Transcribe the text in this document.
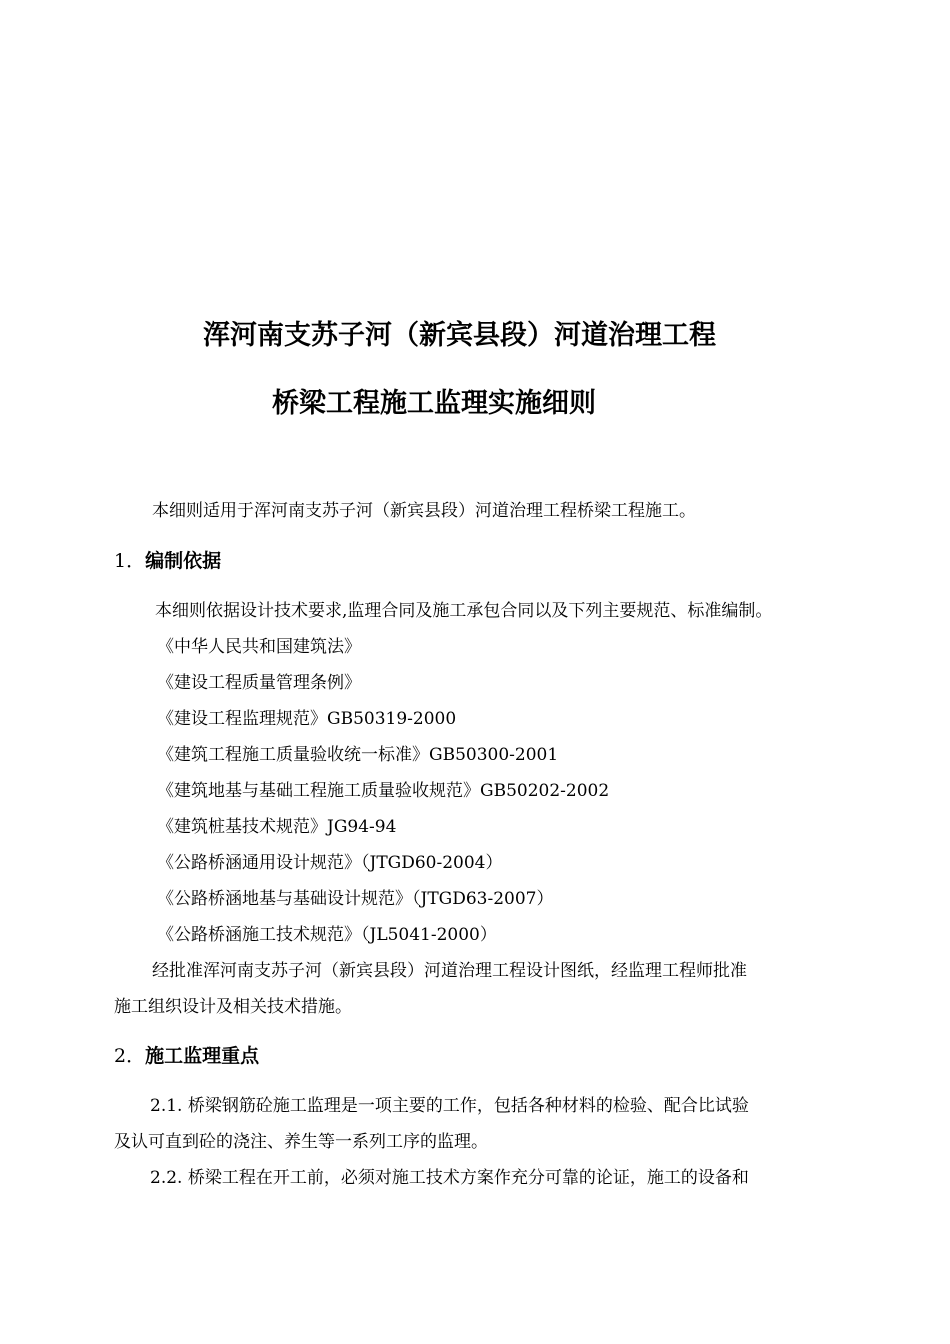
浑河南支苏子河（新宾县段）河道治理工程
桥梁工程施工监理实施细则
本细则适用于浑河南支苏子河（新宾县段）河道治理工程桥梁工程施工。
1．编制依据
本细则依据设计技术要求,监理合同及施工承包合同以及下列主要规范、标准编制。
《中华人民共和国建筑法》
《建设工程质量管理条例》
《建设工程监理规范》GB50319-2000
《建筑工程施工质量验收统一标准》GB50300-2001
《建筑地基与基础工程施工质量验收规范》GB50202-2002
《建筑桩基技术规范》JG94-94
《公路桥涵通用设计规范》（JTGD60-2004）
《公路桥涵地基与基础设计规范》（JTGD63-2007）
《公路桥涵施工技术规范》（JL5041-2000）
经批准浑河南支苏子河（新宾县段）河道治理工程设计图纸，经监理工程师批准
施工组织设计及相关技术措施。
2．施工监理重点
2.1. 桥梁钢筋砼施工监理是一项主要的工作，包括各种材料的检验、配合比试验
及认可直到砼的浇注、养生等一系列工序的监理。
2.2. 桥梁工程在开工前，必须对施工技术方案作充分可靠的论证，施工的设备和
